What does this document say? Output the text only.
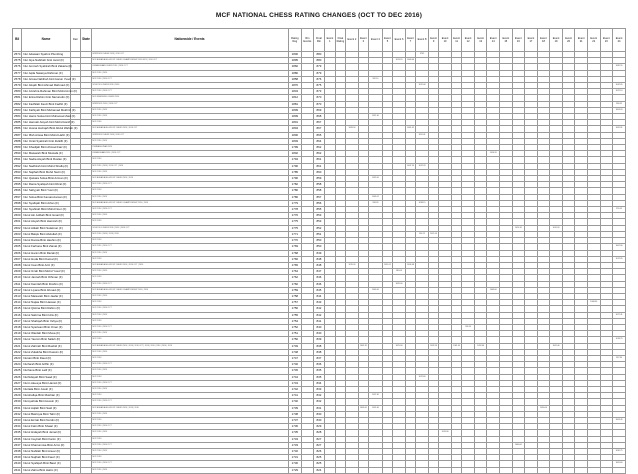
MCF NATIONAL CHESS RATING CHANGES (OCT TO DEC 2016)
Bil	Name	Dari	State	Nationwide / Events	Rating Reg	Rtn Events	Final Rtn	Event 1	Final Rating	Event 2	Event 3	Event 4	Event 5	Event 6	Event 7	Event 8	Event 9	Event 10	Event 11	Event 12	Event 13	Event 14	Event 15	Event 16	Event 17	Event 18	Event 19	Event 20	Event 21	Event 22	Event 23	Event 24
2574	Nur Adawani Syahmi Plumbing			WWW.MCF.CHESS 2016 | 2016 OCT	1800		880									9735																
2575	Nur Alya Nabihah binti Jamil (F)			MCF ASEAN AGE-GROUP CHESS CHAMPIONSHIP 2016 MCF | 2016 OCT	1895		880							1019.20	1048.06																	
2576	Nur Aminah Syahirah Binti Zakaria (F)			KEBANGSAAN CHESS 2016 | 2016 OCT	1860		879																									1085.55
2577	Nur Aqila Natasya Rahman (F)			MCF 2016 | 2016	1880		879																									
2578	Nur Arissa Nabihah binti Harun Yusof (F)			MCF 2016 | 2016 OCT	1858		876					982.10																				
2579	Nur Atiqah Binti Ahmad Rahmad (F)			SCHOOLS CHESS 2016 | 2016	1870		875									1025.00																1042.05
2580	Nur Azzahra Rahman Binti Mohd Amin (F)			MCF 2016 | 2016 OCT	1834		873																									1022.10
2581	Nur Erina Rahim binti Nazurudin (F)			MCF EMERGING CHESS 2016	1812		870																									
2582	Nur Fadhilah Fauzi Binti Fadhil (F)			WWW MCF 2016 | 2016 OCT	1881		870																									998.42
2583	Nur Fathiyah Binti Muhamad Mukhriz (F)			MCF 2016 | 2016	1809		869																									1004.20
2584	Nur Hanis Sofea binti Muhamad Zaid (F)			MCF 2016 | 2016	1809		868					1021.30																				
2585	Nur Hannah Aisyah binti Mohd Hanif (F)			MCF 2016	1801		867																									
2586	Nur Husna Haziqah Binti Abdul Wahab (F)			MCF ASEAN AGE-GROUP CHESS 2016 | 2016 OCT	1804		867			1028.00					1061.02																	1062.01
2587	Nur Iffah Arissa Binti Mohd Hafiz (F)			WWW.MCF.CHESS 2016 | 2016 OCT	1800		865									1055.01																
2588	Nur Izzati Syahirah binti Zulkifli (F)			MCF 2016 | 2016	1849		864																									
2589	Nur Khadijah Binti Ahmad Faiz (F)			PEMBANGUNAN 2016	1799		862																									
2590	Nur Maisarah Binti Mustafa (F)			KEBANGSAAN 2016 | 2016 OCT	1802		862															1014.20										
2591	Nur Nadia Aisyah Binti Roslan (F)			MCF 2016	1794		861																									
2592	Nur Nadhirah binti Mohd Shafiq (F)			MCF 2016 | 2016 | 2016 OCT | 2016	1790		861								1007.10	1031.20																
2593	Nur Najihah Binti Mohd Nazri (F)			MCF 2016 | 2016	1785		860																									
2594	Nur Qaisara Sofea Binti Azman (F)			MCF ASEAN AGE-GROUP CHESS 2016 | 2016	1790		859					1022.00																				
2595	Nur Rania Syafiqah binti Rizal (F)			MCF 2016 | 2016 OCT	1782		858																									
2596	Nur Safiyyah Binti Yusri (F)			MCF 2016	1780		858																									
2597	Nur Sofea Binti Kamaruzaman (F)			MCF 2016 | 2016	1780		857					1005.02																				
2598	Nur Syafiqah Binti Azlan (F)			MCF ASEAN AGE-GROUP CHESS CHAMPIONSHIP 2016 | 2016	1779		856					998.30				1038.15																
2599	Nur Syahirah Binti Mohd Noor (F)			MCF 2016 | 2016 OCT	1778		855																									976.45
2600	Nurul Ain Adibah Binti Ismail (F)			MCF 2016 | 2016	1776		853																									
2601	Nurul Aisyah Binti Hamzah (F)			MCF 2016	1775		853																									
2602	Nurul Atikah Binti Sulaiman (F)			SCHOOLS CHESS 2016 | 2016 | 2016 OCT	1775		852																	1010.10			1031.20					
2603	Nurul Balqis Binti Abdullah (F)			MCF 2016 | 2016 | 2016 | 2016	1771		851									994.22	1025.10															
2604	Nurul Damia Binti Hashim (F)			MCF 2016	1770		850																									
2605	Nurul Farhana Binti Zainal (F)			MCF 2016 | 2016 OCT	1769		850																									1002.00
2606	Nurul Hanim Binti Razali (F)			MCF 2016 | 2016	1768		849																									
2607	Nurul Huda Binti Kamal (F)			MCF 2016	1766		848																									1012.05
2608	Nurul Iman Binti Aziz (F)			MCF ASEAN AGE-GROUP CHESS 2016 | 2016 OCT | 2016	1765		848			1015.00			1011.01		1034.08																	
2609	Nurul Izzah Binti Mohd Yusof (F)			MCF 2016 | 2016	1764		847							989.00																		
2610	Nurul Jannah Binti Othman (F)			MCF 2016	1762		846																									
2611	Nurul Kamilah Binti Ibrahim (F)			MCF 2016 | 2016 OCT	1760		846							1020.00																		
2612	Nurul Liyana Binti Ahmad (F)			MCF ASEAN AGE-GROUP CHESS CHAMPIONSHIP 2016 | 2016	1759		845					1001.00										1049.00										
2613	Nurul Maisarah Binti Jaafar (F)			MCF 2016 | 2016	1758		844																									
2614	Nurul Najwa Binti Hassan (F)			MCF 2016	1757		843																							1008.30		
2615	Nurul Qistina Binti Rahim (F)			MCF 2016 | 2016 OCT	1756		842																									
2616	Nurul Sabrina Binti Idris (F)			MCF 2016 | 2016	1755		842																									1027.41
2617	Nurul Shafiqah Binti Yahya (F)			MCF 2016	1754		841																									
2618	Nurul Syazwani Binti Omar (F)			MCF 2016 | 2016 OCT	1752		840													993.10												
2619	Nurul Wardah Binti Musa (F)			MCF 2016 | 2016	1751		840																									
2620	Nurul Yasmin Binti Salleh (F)			MCF 2016	1750		839																									1018.70
2621	Nurul Zahirah Binti Rashid (F)			MCF ASEAN AGE-GROUP CHESS 2016 | 2016 | 2016 OCT | 2016 | 2016 | 2016 | 2016 | 2016	1749		838				1001.20			1025.00			1033.10		1041.05		1052.00						1061.40					
2622	Nurul Zulaikha Binti Kassim (F)			MCF 2016 | 2016	1748		838																									
2623	Nuraini Binti Daud (F)			MCF 2016	1747		837																									997.80
2624	Nurfarah Binti Ariffin (F)			MCF 2016 | 2016 OCT	1746		836																									
2625	Nurhana Binti Latif (F)			MCF 2016 | 2016	1745		835																									
2626	Nurhidayah Binti Saad (F)			MCF 2016	1744		835									1022.60																
2627	Nurin Aleesya Binti Hamid (F)			MCF 2016 | 2016 OCT	1743		834																									
2628	Nurlaila Binti Jusoh (F)			MCF 2016 | 2016	1742		833																									
2629	Nurshafiqa Binti Mokhtar (F)			MCF 2016	1741		832					1012.30																				
2630	Nursyahida Binti Hussin (F)			MCF 2016 | 2016 OCT	1740		832																									
2631	Nurul Aqilah Binti Said (F)			MCF ASEAN AGE-GROUP CHESS 2016 | 2016 | 2016	1739		831				1005.00	1013.40														1056.00						
2632	Nurul Batrisyia Binti Tahir (F)			MCF 2016 | 2016	1738		830																									
2633	Nurul Ezzati Binti Nordin (F)			MCF 2016	1737		830																									1003.45
2634	Nurul Fatin Binti Shaari (F)			MCF 2016 | 2016 OCT	1736		829																									
2635	Nurul Hidayah Binti Jamal (F)			MCF 2016 | 2016	1735		828											1019.00														
2636	Nurul Insyirah Binti Karim (F)			MCF 2016	1734		827																									
2637	Nurul Khairunnisa Binti Azmi (F)			MCF 2016 | 2016 OCT	1733		827																	1000.00								
2638	Nurul Nabilah Binti Anuar (F)			MCF 2016 | 2016	1732		826																									1030.75
2639	Nurul Najihah Binti Fauzi (F)			MCF 2016	1731		825																									
2640	Nurul Syafiqah Binti Basri (F)			MCF 2016 | 2016 OCT	1730		825																									1009.60
2641	Nurul Zahra Binti Halim (F)			MCF 2016 | 2016	1729		824																									
